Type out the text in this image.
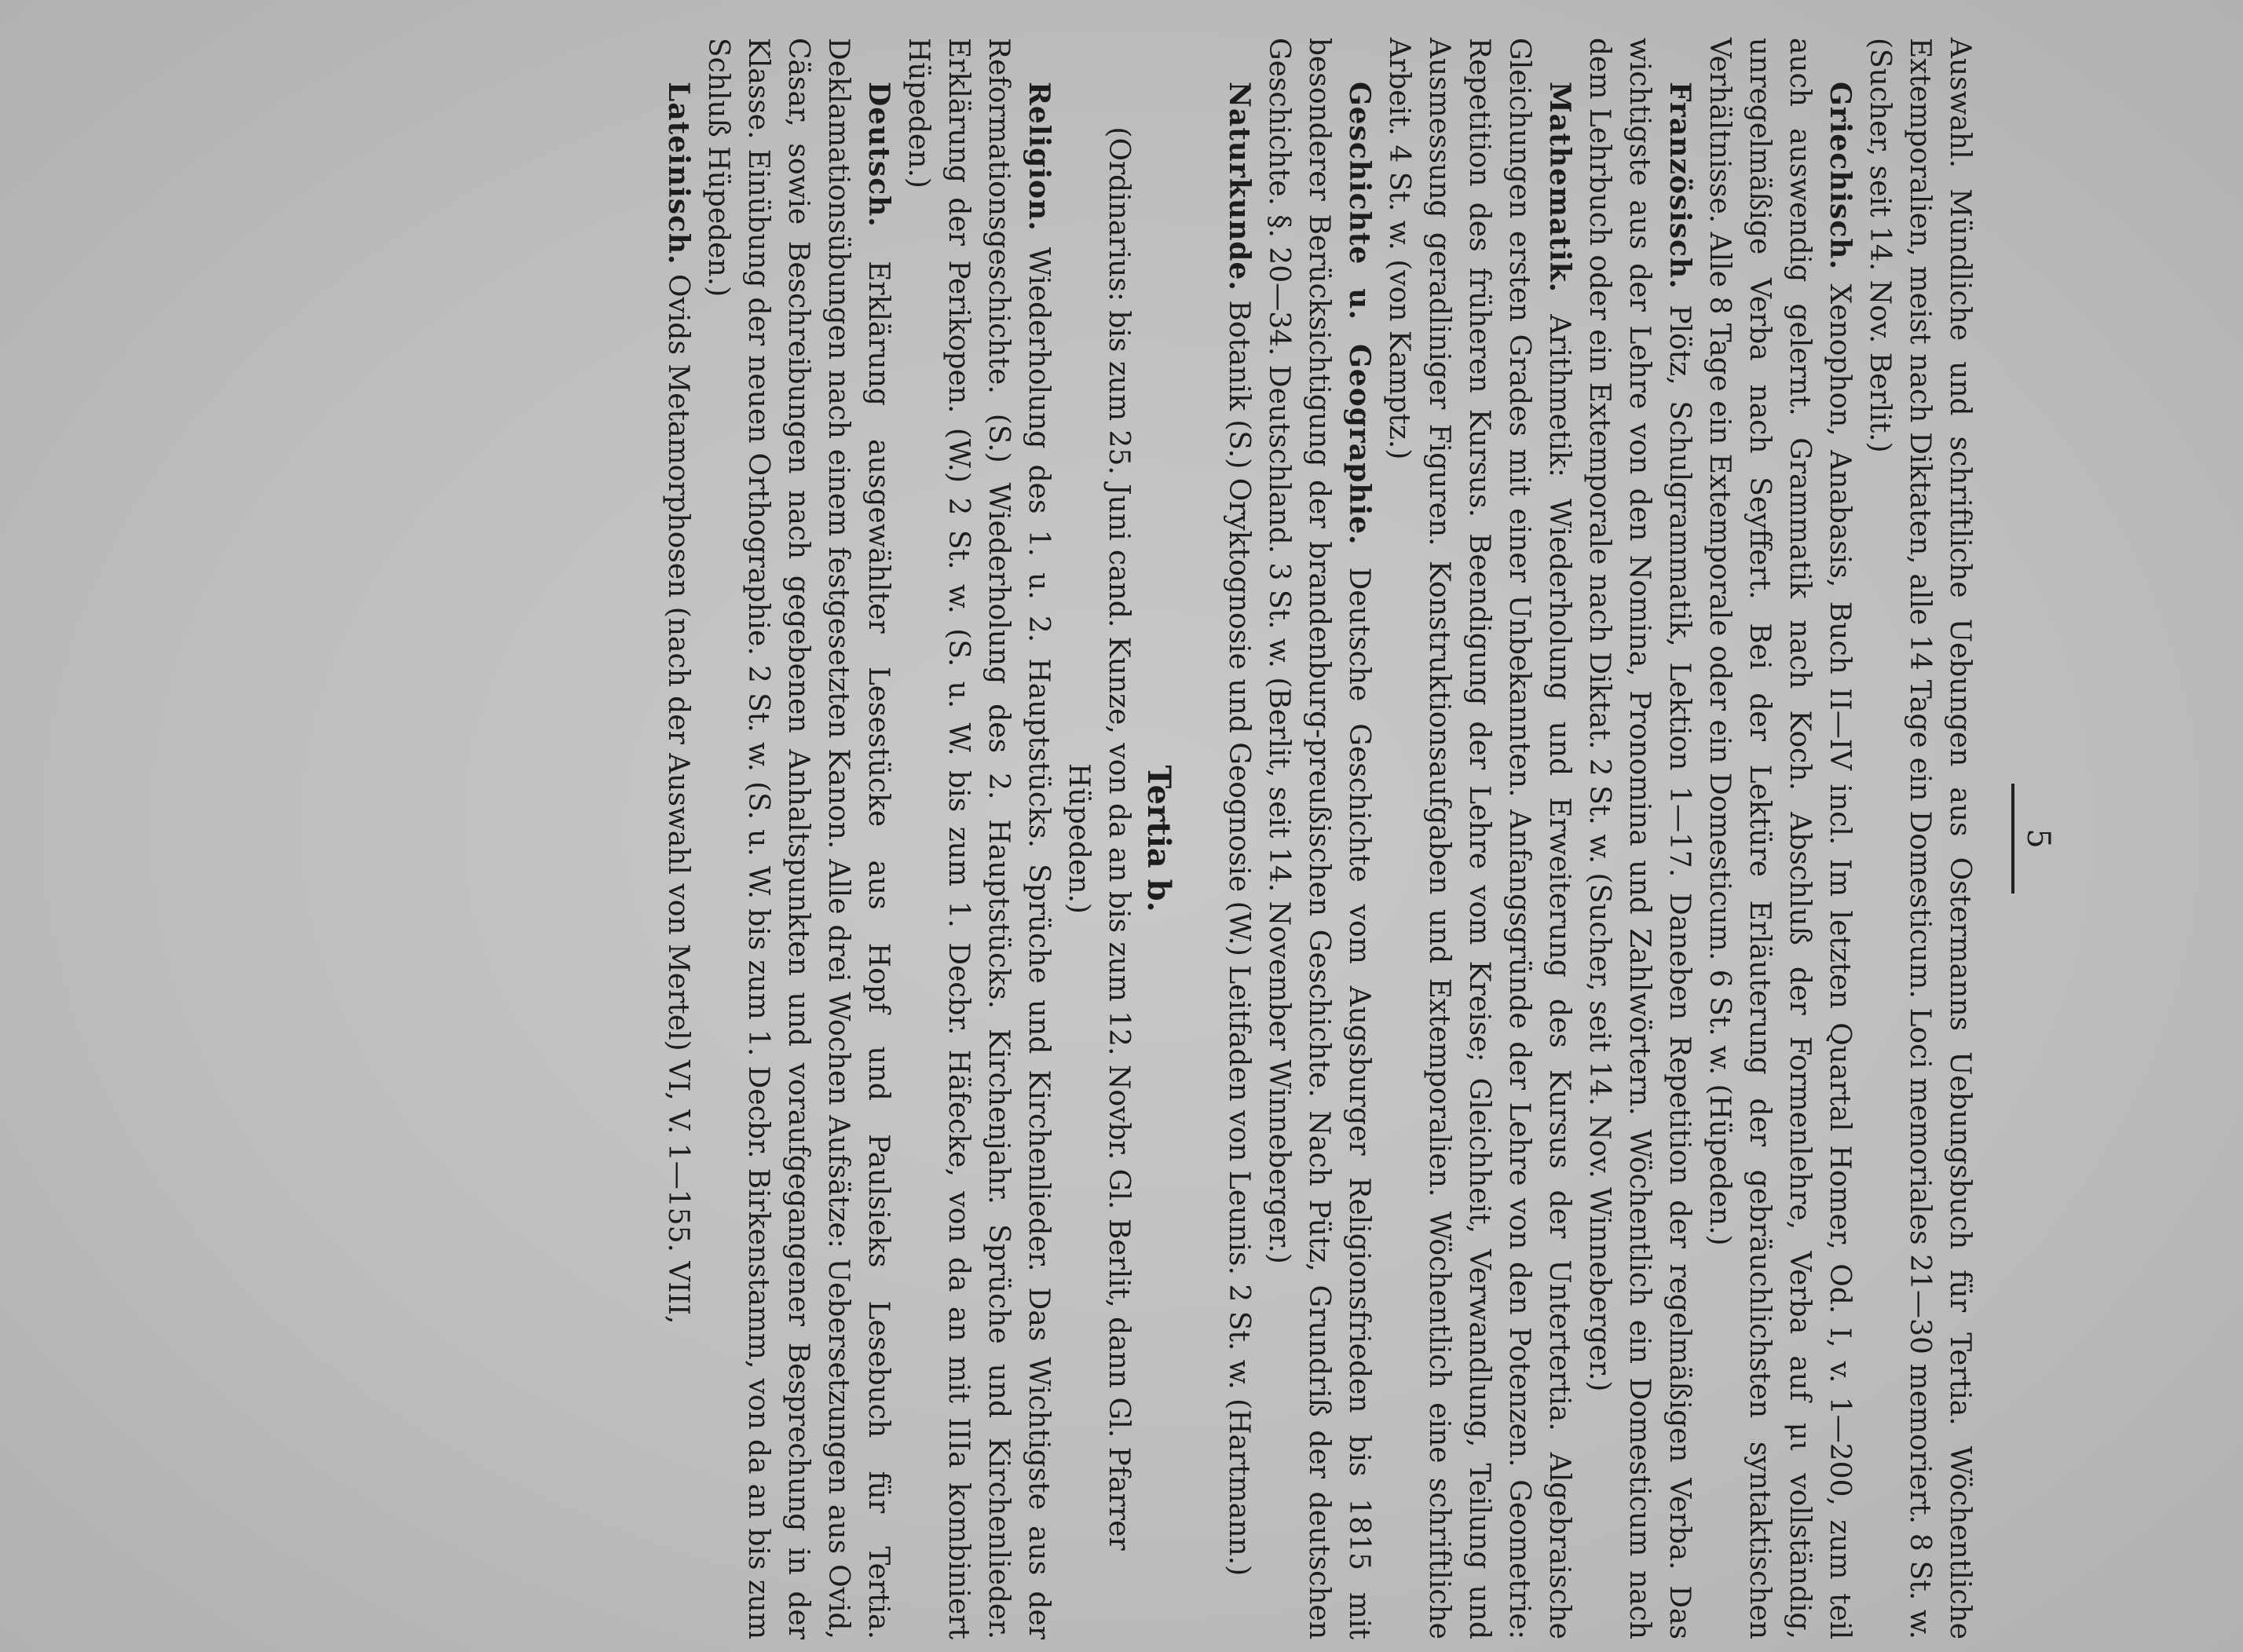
5

Auswahl. Mündliche und schriftliche Uebungen aus Ostermanns Uebungsbuch für Tertia. Wöchentliche Extemporalien, meist nach Diktaten, alle 14 Tage ein Domesticum. Loci memoriales 21—30 memoriert. 8 St. w. (Sucher, seit 14. Nov. Berlit.)

Griechisch. Xenophon, Anabasis, Buch II—IV incl. Im letzten Quartal Homer, Od. I, v. 1—200, zum teil auch auswendig gelernt. Grammatik nach Koch. Abschluß der Formenlehre, Verba auf μι vollständig, unregelmäßige Verba nach Seyffert. Bei der Lektüre Erläuterung der gebräuchlichsten syntaktischen Verhältnisse. Alle 8 Tage ein Extemporale oder ein Domesticum. 6 St. w. (Hüpeden.)

Französisch. Plötz, Schulgrammatik, Lektion 1—17. Daneben Repetition der regelmäßigen Verba. Das wichtigste aus der Lehre von den Nomina, Pronomina und Zahlwörtern. Wöchentlich ein Domesticum nach dem Lehrbuch oder ein Extemporale nach Diktat. 2 St. w. (Sucher, seit 14. Nov. Winneberger.)

Mathematik. Arithmetik: Wiederholung und Erweiterung des Kursus der Untertertia. Algebraische Gleichungen ersten Grades mit einer Unbekannten. Anfangsgründe der Lehre von den Potenzen. Geometrie: Repetition des früheren Kursus. Beendigung der Lehre vom Kreise; Gleichheit, Verwandlung, Teilung und Ausmessung geradliniger Figuren. Konstruktionsaufgaben und Extemporalien. Wöchentlich eine schriftliche Arbeit. 4 St. w. (von Kamptz.)

Geschichte u. Geographie. Deutsche Geschichte vom Augsburger Religionsfrieden bis 1815 mit besonderer Berücksichtigung der brandenburg-preußischen Geschichte. Nach Pütz, Grundriß der deutschen Geschichte. §. 20—34. Deutschland. 3 St. w. (Berlit, seit 14. November Winneberger.)

Naturkunde. Botanik (S.) Oryktognosie und Geognosie (W.) Leitfaden von Leunis. 2 St. w. (Hartmann.)

Tertia b.

(Ordinarius: bis zum 25. Juni cand. Kunze, von da an bis zum 12. Novbr. Gl. Berlit, dann Gl. Pfarrer Hüpeden.)

Religion. Wiederholung des 1. u. 2. Hauptstücks. Sprüche und Kirchenlieder. Das Wichtigste aus der Reformationsgeschichte. (S.) Wiederholung des 2. Hauptstücks. Kirchenjahr. Sprüche und Kirchenlieder. Erklärung der Perikopen. (W.) 2 St. w. (S. u. W. bis zum 1. Decbr. Häfecke, von da an mit IIIa kombiniert Hüpeden.)

Deutsch. Erklärung ausgewählter Lesestücke aus Hopf und Paulsieks Lesebuch für Tertia. Deklamationsübungen nach einem festgesetzten Kanon. Alle drei Wochen Aufsätze: Uebersetzungen aus Ovid, Cäsar, sowie Beschreibungen nach gegebenen Anhaltspunkten und voraufgegangener Besprechung in der Klasse. Einübung der neuen Orthographie. 2 St. w. (S. u. W. bis zum 1. Decbr. Birkenstamm, von da an bis zum Schluß Hüpeden.)

Lateinisch. Ovids Metamorphosen (nach der Auswahl von Mertel) VI, V. 1—155. VIII,
